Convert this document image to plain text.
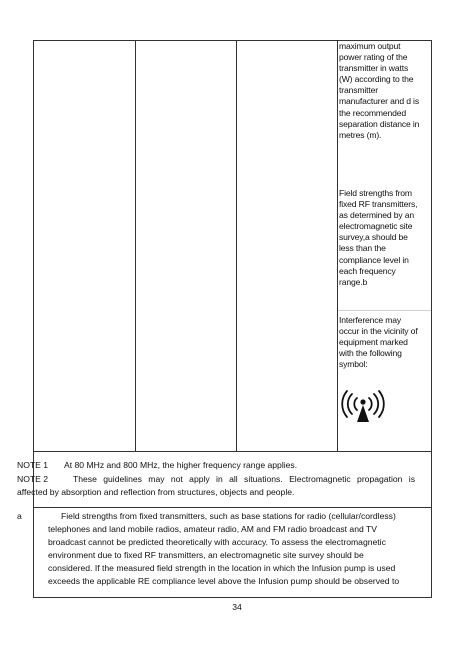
maximum output
power rating of the
transmitter in watts
(W) according to the
transmitter
manufacturer and d is
the recommended
separation distance in
metres (m).
Field strengths from
fixed RF transmitters,
as determined by an
electromagnetic site
survey,a should be
less than the
compliance level in
each frequency
range.b
Interference may
occur in the vicinity of
equipment marked
with the following
symbol:
NOTE 1 At 80 MHz and 800 MHz, the higher frequency range applies.
NOTE 2	These guidelines may not apply in all situations. Electromagnetic propagation is
affected by absorption and reflection from structures, objects and people.
a	Field strengths from fixed transmitters, such as base stations for radio (cellular/cordless)
telephones and land mobile radios, amateur radio, AM and FM radio broadcast and TV
broadcast cannot be predicted theoretically with accuracy. To assess the electromagnetic
environment due to fixed RF transmitters, an electromagnetic site survey should be
considered. If the measured field strength in the location in which the Infusion pump is used
exceeds the applicable RE compliance level above the Infusion pump should be observed to
34
